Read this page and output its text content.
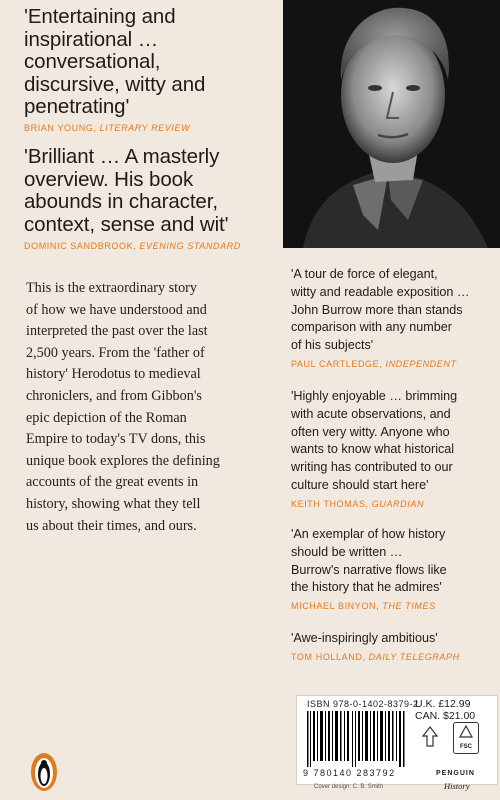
'Entertaining and
inspirational …
conversational,
discursive, witty and
penetrating'
BRIAN YOUNG, LITERARY REVIEW
'Brilliant … A masterly
overview. His book
abounds in character,
context, sense and wit'
DOMINIC SANDBROOK, EVENING STANDARD
This is the extraordinary story
of how we have understood and
interpreted the past over the last
2,500 years. From the 'father of
history' Herodotus to medieval
chroniclers, and from Gibbon's
epic depiction of the Roman
Empire to today's TV dons, this
unique book explores the defining
accounts of the great events in
history, showing what they tell
us about their times, and ours.
'A tour de force of elegant,
witty and readable exposition …
John Burrow more than stands
comparison with any number
of his subjects'
PAUL CARTLEDGE, INDEPENDENT
'Highly enjoyable … brimming
with acute observations, and
often very witty. Anyone who
wants to know what historical
writing has contributed to our
culture should start here'
KEITH THOMAS, GUARDIAN
'An exemplar of how history
should be written …
Burrow's narrative flows like
the history that he admires'
MICHAEL BINYON, THE TIMES
'Awe-inspiringly ambitious'
TOM HOLLAND, DAILY TELEGRAPH
ISBN 978-0-1402-8379-2
U.K. £12.99
CAN. $21.00
9 780140 283792
FSC
Cover design: C. B. Smith
PENGUIN
History
